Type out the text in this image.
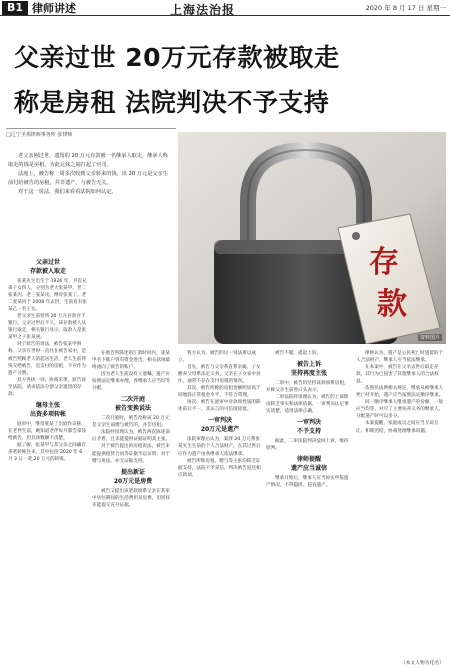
B1 律师讲述	上海法治报	2020 年 8 月 17 日 星期一
父亲过世 20万元存款被取走
称是房租 法院判决不予支持
□辽宁圣邦律师事务所 张律师

老父亲刚过世，遗留的 20 万元存款被一名继承人取走，继承人称取走的钱是房租，为此兄妹之间打起了官司。

法庭上，被告称一周多次收到父亲转来的钱，该 20 万元是父亲生前付给被告的房租，并非遗产，与被告无关。

对于这一说法，我们来看看法院如何认定。

存
款
资料图片
父亲过世
存款被人取走

张某先生出生于 1926 年，共有兄弟子女四人，分别为老大张某甲、老二张某丙、老三张某戊，继母张某丁。老二张某丙于 2008 年去世，生前育有张某乙一名子女。

老父亲生前曾将 20 万元存款存于银行，父亲过世后不久，该存款被人从银行取走，相关银行显示，取款人是张某甲之子张某庚。

对于原告的说法，被告张某甲辩称，父亲在世时一直住在被告家中，是被告照顾老人的起居生活，老人生前将钱交给被告，是支付的房租，不应作为遗产分割。

双方各执一词，协商未果，原告诉至法院，请求依法分割父亲遗留的存款。

继母主张
出资多项转帐

庭审中，继母张某丁出庭作证称，在老伴生前，她知道老伴每月都会拿钱给被告，但具体数额不清楚。

据了解，张某甲与其父亲之间确有多笔转账往来，其中包括 2020 年 6 月 3 日一笔 20 万元的转账。

在被告所陈述的汇款时间内，张某甲名下账户曾有资金进出，相关款项最终流向了被告的账户。

因为老人生前没有立遗嘱，遗产应按照法定继承办理，各继承人应当均等分配。

二次开庭
被告变换说法

二次开庭时，被告改称该 20 万元是父亲生前赠与被告的，并非房租。

法院经审理认为，被告两次陈述前后矛盾，且未能提供证据证明其主张。

对于被告提出的房租说法，被告未能提供租赁合同等证据予以证明；对于赠与说法，亦无证据支持。

提出新证
20万元是房费

被告又提出该笔款项系父亲在其家中居住期间的生活费用及房费，但同样未能提交充分证据。

我方认为，被告的这一说法难以成立。

首先，被告与父亲系直系亲属，子女赡养父母系法定义务，父亲在子女家中居住，通常不存在支付房租的情况。

其次，被告所称的房租金额明显高于同地段正常租金水平，不符合常理。

再次，被告在庭审中对款项性质的陈述前后不一，其证言的可信度较低。

一审判决
20万元是遗产

法院审理后认为，案涉 20 万元系张某先生生前的个人合法财产，在其过世后应作为遗产由各继承人依法继承。

被告所称房租、赠与等主张均缺乏证据支持，法院不予采信，判决被告返还相应款项。

被告不服，提起上诉。

被告上诉
坚持再度主张

二审中，被告仍坚持该款项系房租，并称父亲生前曾口头表示。

二审法院经审理认为，被告的上诉理由缺乏事实和法律依据，一审判决认定事实清楚，适用法律正确。

一审判决
不予支持

据此，二审法院判决驳回上诉，维持原判。

律师提醒
遗产应当诚信

继承开始后，继承人应当如实申报遗产情况，不得隐匿、侵吞遗产。

律师认为，遗产是公民死亡时遗留的个人合法财产，继承人应当依法继承。

在本案中，被告在父亲去世后取走存款，其行为已侵害了其他继承人的合法权益。

依照民法典相关规定，继承从被继承人死亡时开始，遗产应当按照法定顺序继承。

同一顺序继承人继承遗产的份额，一般应当均等。对尽了主要扶养义务的继承人，分配遗产时可以多分。

本案提醒，家庭成员之间应当互谅互让、和睦团结，协商处理继承问题。

（本文人物为化名）
